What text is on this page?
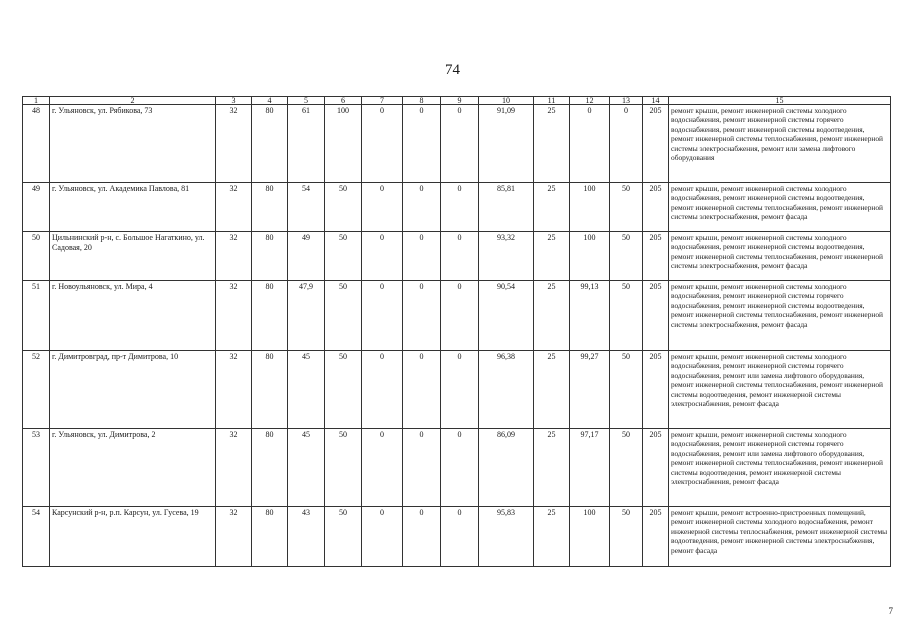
74
1	2	3	4	5	6	7	8	9	10	11	12	13	14	15
48	г. Ульяновск, ул. Рябикова, 73	32	80	61	100	0	0	0	91,09	25	0	0	205	ремонт крыши, ремонт инженерной системы холодного водоснабжения, ремонт инженерной системы горячего водоснабжения, ремонт инженерной системы водоотведения, ремонт инженерной системы теплоснабжения, ремонт инженерной системы электроснабжения, ремонт или замена лифтового оборудования
49	г. Ульяновск, ул. Академика Павлова, 81	32	80	54	50	0	0	0	85,81	25	100	50	205	ремонт крыши, ремонт инженерной системы холодного водоснабжения, ремонт инженерной системы водоотведения, ремонт инженерной системы теплоснабжения, ремонт инженерной системы электроснабжения, ремонт фасада
50	Цильнинский р-н, с. Большое Нагаткино, ул. Садовая, 20	32	80	49	50	0	0	0	93,32	25	100	50	205	ремонт крыши, ремонт инженерной системы холодного водоснабжения, ремонт инженерной системы водоотведения, ремонт инженерной системы теплоснабжения, ремонт инженерной системы электроснабжения, ремонт фасада
51	г. Новоульяновск, ул. Мира, 4	32	80	47,9	50	0	0	0	90,54	25	99,13	50	205	ремонт крыши, ремонт инженерной системы холодного водоснабжения, ремонт инженерной системы горячего водоснабжения, ремонт инженерной системы водоотведения, ремонт инженерной системы теплоснабжения, ремонт инженерной системы электроснабжения, ремонт фасада
52	г. Димитровград, пр-т Димитрова, 10	32	80	45	50	0	0	0	96,38	25	99,27	50	205	ремонт крыши, ремонт инженерной системы холодного водоснабжения, ремонт инженерной системы горячего водоснабжения, ремонт или замена лифтового оборудования, ремонт инженерной системы теплоснабжения, ремонт инженерной системы водоотведения, ремонт инженерной системы электроснабжения, ремонт фасада
53	г. Ульяновск, ул. Димитрова, 2	32	80	45	50	0	0	0	86,09	25	97,17	50	205	ремонт крыши, ремонт инженерной системы холодного водоснабжения, ремонт инженерной системы горячего водоснабжения, ремонт или замена лифтового оборудования, ремонт инженерной системы теплоснабжения, ремонт инженерной системы водоотведения, ремонт инженерной системы электроснабжения, ремонт фасада
54	Карсунский р-н, р.п. Карсун, ул. Гусева, 19	32	80	43	50	0	0	0	95,83	25	100	50	205	ремонт крыши, ремонт встроенно-пристроенных помещений, ремонт инженерной системы холодного водоснабжения, ремонт инженерной системы теплоснабжения, ремонт инженерной системы водоотведения, ремонт инженерной системы электроснабжения, ремонт фасада
7
